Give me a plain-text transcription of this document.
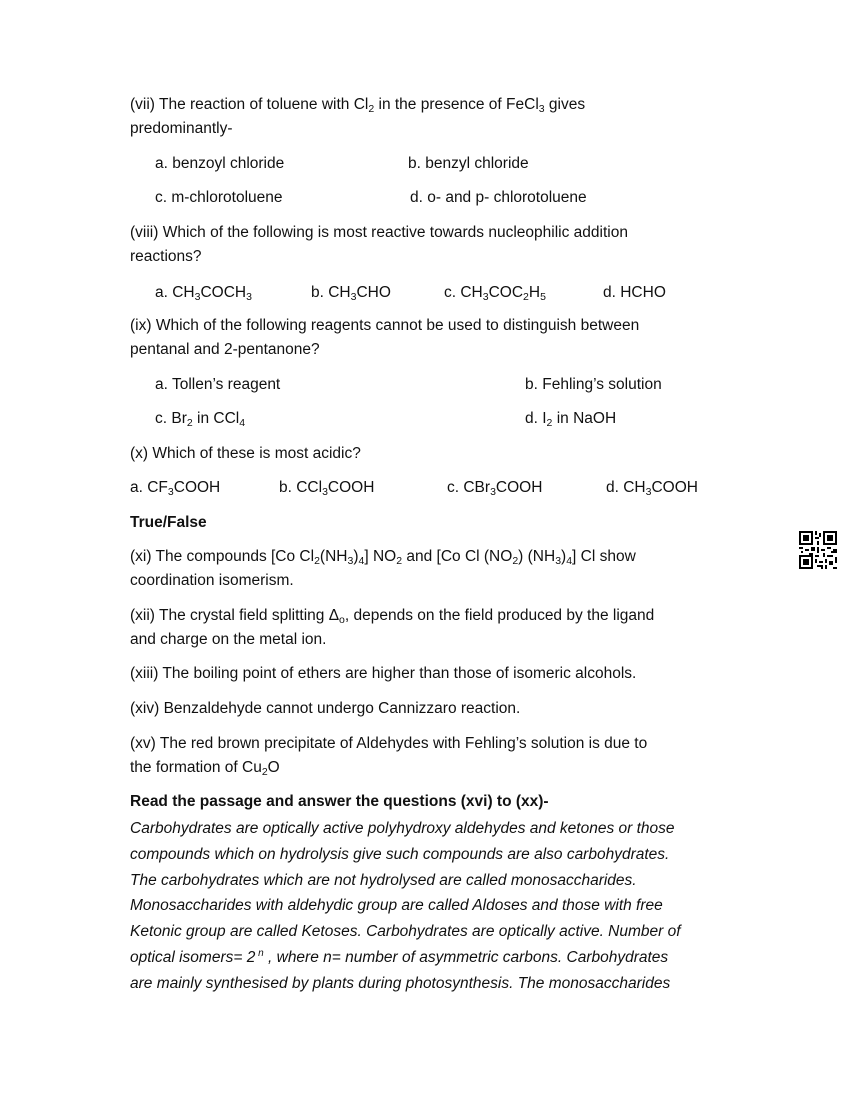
(vii) The reaction of toluene with $Cl_2$ in the presence of FeCl$_3$ gives
predominantly-
a. benzoyl chloride	b. benzyl chloride
c. m-chlorotoluene	d. o- and p- chlorotoluene
(viii) Which of the following is most reactive towards nucleophilic addition
reactions?
a. $CH_3COCH_3$	b. $CH_3CHO$	c. $CH_3COC_2H_5$	d. HCHO
(ix) Which of the following reagents cannot be used to distinguish between
pentanal and 2-pentanone?
a. Tollen’s reagent	b. Fehling’s solution
c. $Br_2$ in CCl$_4$	d. $I_2$ in NaOH
(x) Which of these is most acidic?
a. $CF_3COOH$	b. CCl$_3$COOH	c. CBr$_3$COOH	d. $CH_3COOH$
True/False
(xi) The compounds [Co $Cl_2(NH_3)_4$] $NO_2$ and [Co Cl $(NO_2)$ $(NH_3)_4$] Cl show
coordination isomerism.
(xii) The crystal field splitting $\Delta_o$, depends on the field produced by the ligand
and charge on the metal ion.
(xiii) The boiling point of ethers are higher than those of isomeric alcohols.
(xiv) Benzaldehyde cannot undergo Cannizzaro reaction.
(xv) The red brown precipitate of Aldehydes with Fehling’s solution is due to
the formation of $Cu_2O$
Read the passage and answer the questions (xvi) to (xx)-

Carbohydrates are optically active polyhydroxy aldehydes and ketones or those

compounds which on hydrolysis give such compounds are also carbohydrates.

The carbohydrates which are not hydrolysed are called monosaccharides.

Monosaccharides with aldehydic group are called Aldoses and those with free

Ketonic group are called Ketoses. Carbohydrates are optically active. Number of

optical isomers= 2 $^n$ , where n= number of asymmetric carbons. Carbohydrates

are mainly synthesised by plants during photosynthesis. The monosaccharides
